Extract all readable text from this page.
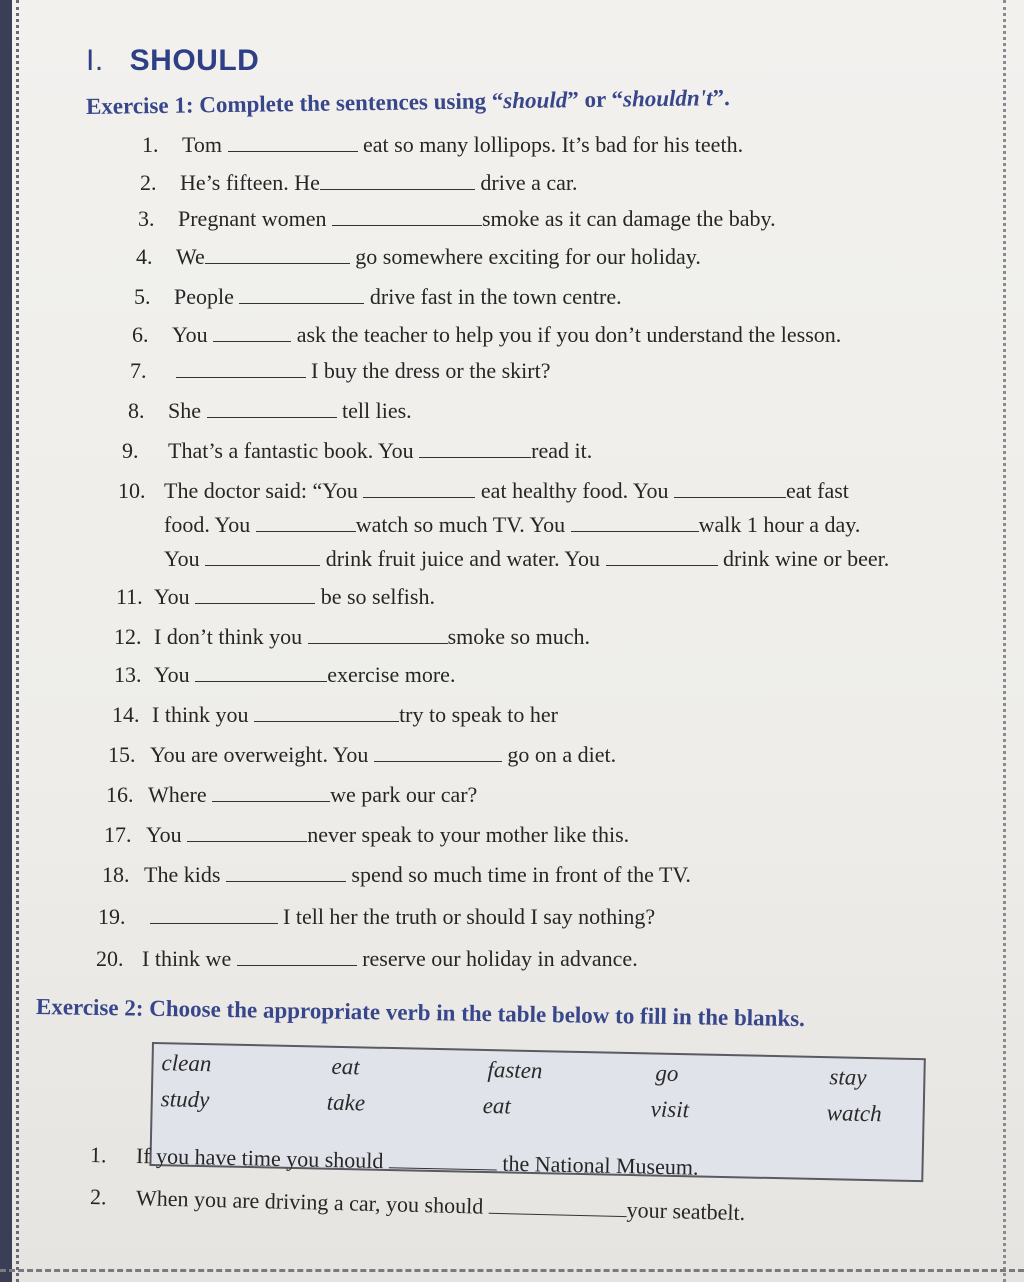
I. SHOULD
Exercise 1: Complete the sentences using “should” or “shouldn't”.
1. Tom	eat so many lollipops. It’s bad for his teeth.
2. He’s fifteen. He	drive a car.
3. Pregnant women	smoke as it can damage the baby.
4. We	go somewhere exciting for our holiday.
5. People	drive fast in the town centre.
6. You	ask the teacher to help you if you don’t understand the lesson.
7.	I buy the dress or the skirt?
8. She	tell lies.
9. That’s a fantastic book. You	read it.
10. The doctor said: “You	eat healthy food. You	eat fast
food. You	watch so much TV. You	walk 1 hour a day.
You	drink fruit juice and water. You	drink wine or beer.
11. You	be so selfish.
12. I don’t think you	smoke so much.
13. You	exercise more.
14. I think you	try to speak to her
15. You are overweight. You	go on a diet.
16. Where	we park our car?
17. You	never speak to your mother like this.
18. The kids	spend so much time in front of the TV.
19.	I tell her the truth or should I say nothing?
20. I think we	reserve our holiday in advance.
Exercise 2: Choose the appropriate verb in the table below to fill in the blanks.
clean	eat	fasten	go	stay
study	take	eat	visit	watch
1. If you have time you should	the National Museum.
2. When you are driving a car, you should	your seatbelt.
